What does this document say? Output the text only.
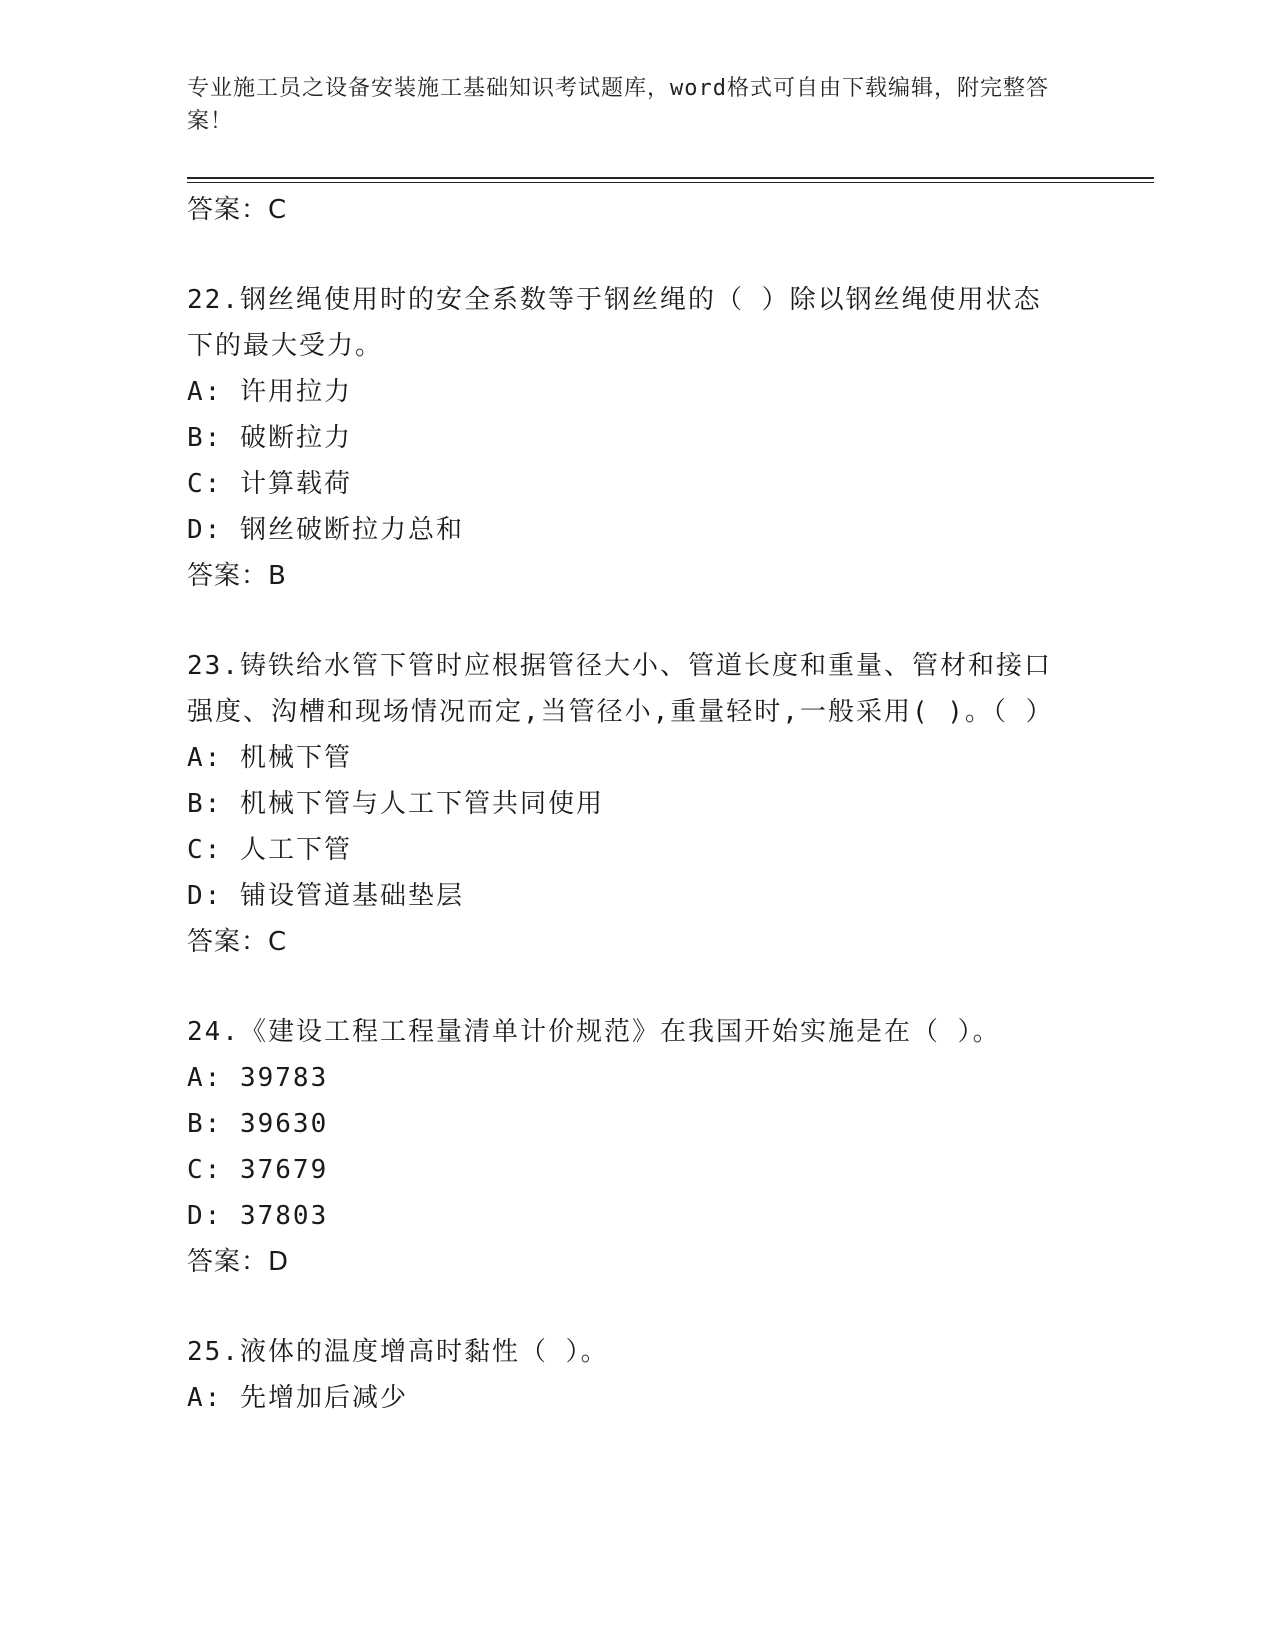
专业施工员之设备安装施工基础知识考试题库，word格式可自由下载编辑，附完整答案！
答案：C
22.钢丝绳使用时的安全系数等于钢丝绳的（ ）除以钢丝绳使用状态下的最大受力。
A: 许用拉力
B: 破断拉力
C: 计算载荷
D: 钢丝破断拉力总和
答案：B
23.铸铁给水管下管时应根据管径大小、管道长度和重量、管材和接口强度、沟槽和现场情况而定,当管径小,重量轻时,一般采用( )。（ ）
A: 机械下管
B: 机械下管与人工下管共同使用
C: 人工下管
D: 铺设管道基础垫层
答案：C
24.《建设工程工程量清单计价规范》在我国开始实施是在（ ）。
A: 39783
B: 39630
C: 37679
D: 37803
答案：D
25.液体的温度增高时黏性（ ）。
A: 先增加后减少
